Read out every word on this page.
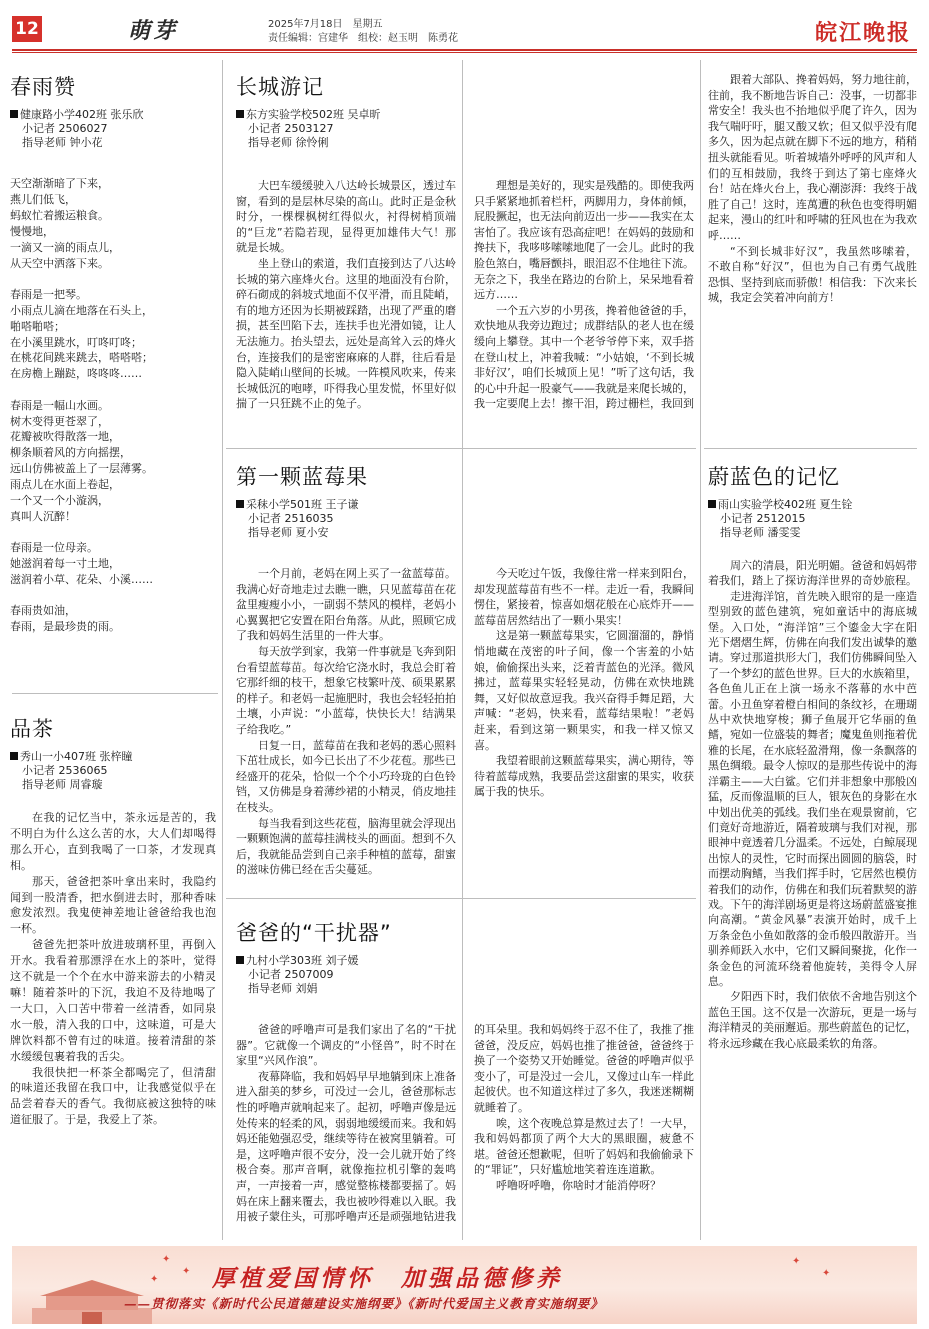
12	萌芽	2025年7月18日　星期五
责任编辑：宫建华　组校：赵玉明　陈勇花	皖江晚报
春雨赞
健康路小学402班 张乐欣
小记者 2506027
指导老师 钟小花

天空渐渐暗了下来，

燕儿们低飞，

蚂蚁忙着搬运粮食。

慢慢地，

一滴又一滴的雨点儿，

从天空中洒落下来。

春雨是一把琴。

小雨点儿滴在地落在石头上，

啪嗒啪嗒；

在小溪里跳水，叮咚叮咚；

在桃花间跳来跳去，嗒嗒嗒；

在房檐上蹦跶，咚咚咚……

春雨是一幅山水画。

树木变得更苍翠了，

花瓣被吹得散落一地，

柳条顺着风的方向摇摆，

远山仿佛被盖上了一层薄雾。

雨点儿在水面上卷起，

一个又一个小漩涡，

真叫人沉醉！

春雨是一位母亲。

她滋润着每一寸土地，

滋润着小草、花朵、小溪……

春雨贵如油，

春雨，是最珍贵的雨。

品茶
秀山一小407班 张梓瞳
小记者 2536065
指导老师 周睿璇

在我的记忆当中，茶永远是苦的，我不明白为什么这么苦的水，大人们却喝得那么开心，直到我喝了一口茶，才发现真相。

那天，爸爸把茶叶拿出来时，我隐约闻到一股清香，把水倒进去时，那种香味愈发浓烈。我鬼使神差地让爸爸给我也泡一杯。

爸爸先把茶叶放进玻璃杯里，再倒入开水。我看着那漂浮在水上的茶叶，觉得这不就是一个个在水中游来游去的小精灵嘛！随着茶叶的下沉，我迫不及待地喝了一大口，入口苦中带着一丝清香，如同泉水一般，清入我的口中，这味道，可是大牌饮料都不曾有过的味道。接着清甜的茶水缓缓包裹着我的舌尖。

我很快把一杯茶全都喝完了，但清甜的味道还我留在我口中，让我感觉似乎在品尝着春天的香气。我彻底被这独特的味道征服了。于是，我爱上了茶。

长城游记
东方实验学校502班 吴卓昕
小记者 2503127
指导老师 徐怜俐

大巴车缓缓驶入八达岭长城景区，透过车窗，看到的是层林尽染的高山。此时正是金秋时分，一棵棵枫树红得似火，衬得树梢顶端的“巨龙”若隐若现，显得更加雄伟大气！那就是长城。

坐上登山的索道，我们直接到达了八达岭长城的第六座烽火台。这里的地面没有台阶，碎石砌成的斜坡式地面不仅平滑，而且陡峭，有的地方还因为长期被踩踏，出现了严重的磨损，甚至凹陷下去，连扶手也光滑如镜，让人无法施力。抬头望去，远处是高耸入云的烽火台，连接我们的是密密麻麻的人群，往后看是隐入陡峭山壁间的长城。一阵模风吹来，传来长城低沉的咆哮，吓得我心里发慌，怀里好似揣了一只狂跳不止的兔子。

理想是美好的，现实是残酷的。即使我两只手紧紧地抓着栏杆，两脚用力，身体前倾，屁股撅起，也无法向前迈出一步——我实在太害怕了。我应该有恐高症吧！在妈妈的鼓励和搀扶下，我哆哆嗦嗦地爬了一会儿。此时的我脸色煞白，嘴唇颤抖，眼泪忍不住地往下流。无奈之下，我坐在路边的台阶上，呆呆地看着远方……

一个五六岁的小男孩，搀着他爸爸的手，欢快地从我旁边跑过；成群结队的老人也在缓缓向上攀登。其中一个老爷爷停下来，双手搭在登山杖上，冲着我喊：“小姑娘，‘不到长城非好汉’，咱们长城顶上见！”听了这句话，我的心中升起一股豪气——我就是来爬长城的，我一定要爬上去！擦干泪，跨过栅栏，我回到

跟着大部队、搀着妈妈，努力地往前，往前，我不断地告诉自己：没事，一切都非常安全！我头也不抬地似乎爬了许久，因为我气喘吁吁，腿又酸又软；但又似乎没有爬多久，因为起点就在脚下不远的地方，稍稍扭头就能看见。听着城墙外呼呼的风声和人们的互相鼓励，我终于到达了第七座烽火台！站在烽火台上，我心潮澎湃：我终于战胜了自己！这时，连萬遭的秋色也变得明媚起来，漫山的红叶和呼啸的狂风也在为我欢呼……

“不到长城非好汉”，我虽然哆嗦着，不敢自称“好汉”，但也为自己有勇气战胜恐惧、坚持到底而骄傲！相信我：下次来长城，我定会笑着冲向前方！

第一颗蓝莓果
采秣小学501班 王子谦
小记者 2516035
指导老师 夏小安

一个月前，老妈在网上买了一盆蓝莓苗。我满心好奇地走过去瞧一瞧，只见蓝莓苗在花盆里瘦瘦小小，一副弱不禁风的模样，老妈小心翼翼把它安置在阳台角落。从此，照顾它成了我和妈妈生活里的一件大事。

每天放学到家，我第一件事就是飞奔到阳台看望蓝莓苗。每次给它浇水时，我总会盯着它那纤细的枝干，想象它枝繁叶茂、硕果累累的样子。和老妈一起施肥时，我也会轻轻拍拍土壤，小声说：“小蓝莓，快快长大！结满果子给我吃。”

日复一日，蓝莓苗在我和老妈的悉心照料下茁壮成长，如今已长出了不少花苞。那些已经盛开的花朵，恰似一个个小巧玲珑的白色铃铛，又仿佛是身着薄纱裙的小精灵，俏皮地挂在枝头。

每当我看到这些花苞，脑海里就会浮现出一颗颗饱满的蓝莓挂满枝头的画面。想到不久后，我就能品尝到自己亲手种植的蓝莓，甜蜜的滋味仿佛已经在舌尖蔓延。

今天吃过午饭，我像往常一样来到阳台，却发现蓝莓苗有些不一样。走近一看，我瞬间愣住，紧接着，惊喜如烟花般在心底炸开——蓝莓苗居然结出了一颗小果实！

这是第一颗蓝莓果实，它圆溜溜的，静悄悄地藏在茂密的叶子间，像一个害羞的小姑娘，偷偷探出头来，泛着青蓝色的光泽。微风拂过，蓝莓果实轻轻晃动，仿佛在欢快地跳舞，又好似故意逗我。我兴奋得手舞足蹈，大声喊：“老妈，快来看，蓝莓结果啦！”老妈赶来，看到这第一颗果实，和我一样又惊又喜。

我望着眼前这颗蓝莓果实，满心期待，等待着蓝莓成熟，我要品尝这甜蜜的果实，收获属于我的快乐。

爸爸的“干扰器”
九村小学303班 刘子媛
小记者 2507009
指导老师 刘娟

爸爸的呼噜声可是我们家出了名的“干扰器”。它就像一个调皮的“小怪兽”，时不时在家里“兴风作浪”。

夜幕降临，我和妈妈早早地躺到床上准备进入甜美的梦乡，可没过一会儿，爸爸那标志性的呼噜声就响起来了。起初，呼噜声像是远处传来的轻柔的风，弱弱地缓缓而来。我和妈妈还能勉强忍受，继续等待在被窝里躺着。可是，这呼噜声很不安分，没一会儿就开始了终极合奏。那声音啊，就像拖拉机引擎的轰鸣声，一声接着一声，感觉整栋楼都要摇了。妈妈在床上翻来覆去，我也被吵得难以入眠。我用被子蒙住头，可那呼噜声还是顽强地钻进我的耳朵里。我和妈妈终于忍不住了，我推了推爸爸，没反应，妈妈也推了推爸爸，爸爸终于换了一个姿势又开始睡觉。爸爸的呼噜声似乎变小了，可是没过一会儿，又像过山车一样此起彼伏。也不知道这样过了多久，我迷迷糊糊就睡着了。

唉，这个夜晚总算是熬过去了！一大早，我和妈妈都顶了两个大大的黑眼圈，疲惫不堪。爸爸还想歉呢，但听了妈妈和我偷偷录下的“罪证”，只好尴尬地笑着连连道歉。

呼噜呀呼噜，你啥时才能消停呀？

蔚蓝色的记忆
雨山实验学校402班 夏生铨
小记者 2512015
指导老师 潘雯雯

周六的清晨，阳光明媚。爸爸和妈妈带着我们，踏上了探访海洋世界的奇妙旅程。

走进海洋馆，首先映入眼帘的是一座造型别致的蓝色建筑，宛如童话中的海底城堡。入口处，“海洋馆”三个鎏金大字在阳光下熠熠生辉，仿佛在向我们发出诚挚的邀请。穿过那道拱形大门，我们仿佛瞬间坠入了一个梦幻的蓝色世界。巨大的水族箱里，各色鱼儿正在上演一场永不落幕的水中芭蕾。小丑鱼穿着橙白相间的条纹衫，在珊瑚丛中欢快地穿梭；狮子鱼展开它华丽的鱼鳍，宛如一位盛装的舞者；魔鬼鱼则拖着优雅的长尾，在水底轻盈滑翔，像一条飘落的黑色绸缎。最令人惊叹的是那些传说中的海洋霸主——大白鲨。它们并非想象中那般凶猛，反而像温顺的巨人，银灰色的身影在水中划出优美的弧线。我们坐在观景窗前，它们竟好奇地游近，隔着玻璃与我们对视，那眼神中竟透着几分温柔。不远处，白鲸展现出惊人的灵性，它时而探出圆圆的脑袋，时而摆动胸鳍，当我们挥手时，它居然也模仿着我们的动作，仿佛在和我们玩着默契的游戏。下午的海洋剧场更是将这场蔚蓝盛宴推向高潮。“黄金风暴”表演开始时，成千上万条金色小鱼如散落的金币般四散游开。当驯养师跃入水中，它们又瞬间聚拢，化作一条金色的河流环绕着他旋转，美得令人屏息。

夕阳西下时，我们依依不舍地告别这个蓝色王国。这不仅是一次游玩，更是一场与海洋精灵的美丽邂逅。那些蔚蓝色的记忆，将永远珍藏在我心底最柔软的角落。

✦
✦
✦
✦
✦
厚植爱国情怀　加强品德修养
——贯彻落实《新时代公民道德建设实施纲要》《新时代爱国主义教育实施纲要》
